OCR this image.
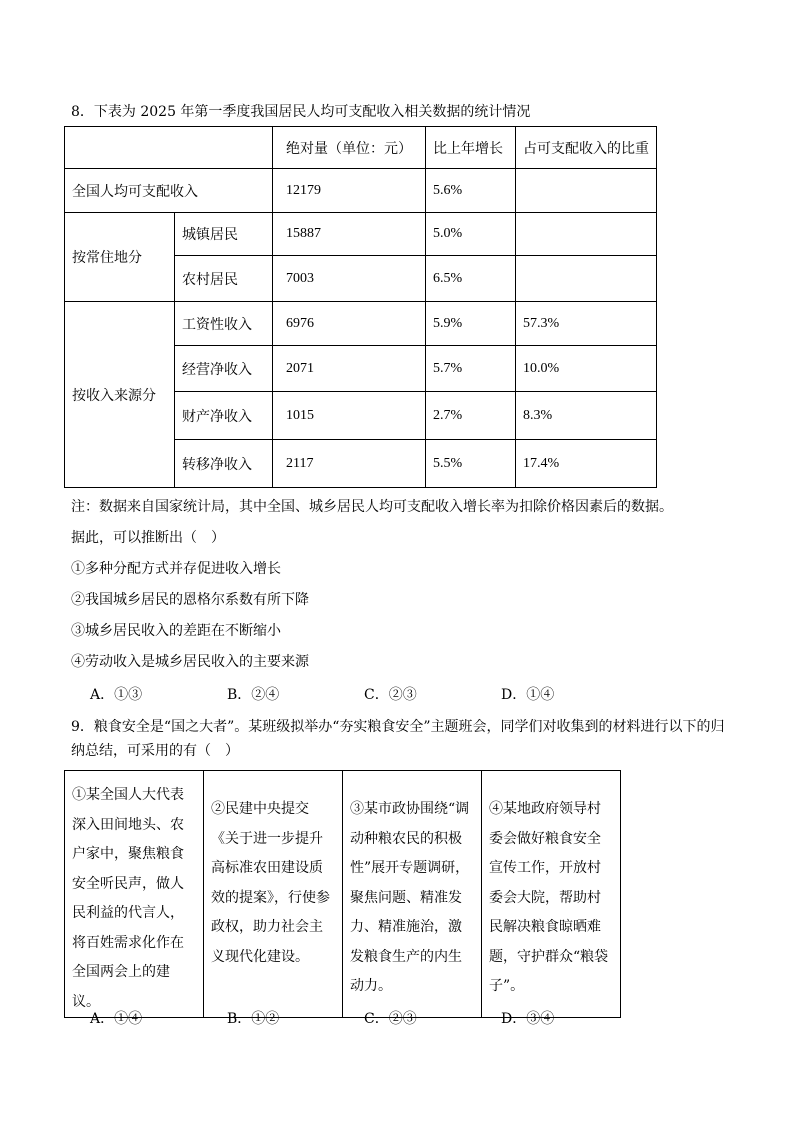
8．下表为 2025 年第一季度我国居民人均可支配收入相关数据的统计情况
		绝对量（单位：元）	比上年增长	占可支配收入的比重
全国人均可支配收入		12179	5.6%	
按常住地分	城镇居民	15887	5.0%	
	农村居民	7003	6.5%	
按收入来源分	工资性收入	6976	5.9%	57.3%
	经营净收入	2071	5.7%	10.0%
	财产净收入	1015	2.7%	8.3%
	转移净收入	2117	5.5%	17.4%
注：数据来自国家统计局，其中全国、城乡居民人均可支配收入增长率为扣除价格因素后的数据。
据此，可以推断出（　）
①多种分配方式并存促进收入增长
②我国城乡居民的恩格尔系数有所下降
③城乡居民收入的差距在不断缩小
④劳动收入是城乡居民收入的主要来源
A．①③	B．②④	C．②③	D．①④
9．粮食安全是“国之大者”。某班级拟举办“夯实粮食安全”主题班会，同学们对收集到的材料进行以下的归纳总结，可采用的有（　）
①某全国人大代表深入田间地头、农户家中，聚焦粮食安全听民声，做人民利益的代言人，将百姓需求化作在全国两会上的建议。	②民建中央提交《关于进一步提升高标准农田建设质效的提案》，行使参政权，助力社会主义现代化建设。	③某市政协围绕“调动种粮农民的积极性”展开专题调研，聚焦问题、精准发力、精准施治，激发粮食生产的内生动力。	④某地政府领导村委会做好粮食安全宣传工作，开放村委会大院，帮助村民解决粮食晾晒难题，守护群众“粮袋子”。
A．①④	B．①②	C．②③	D．③④
